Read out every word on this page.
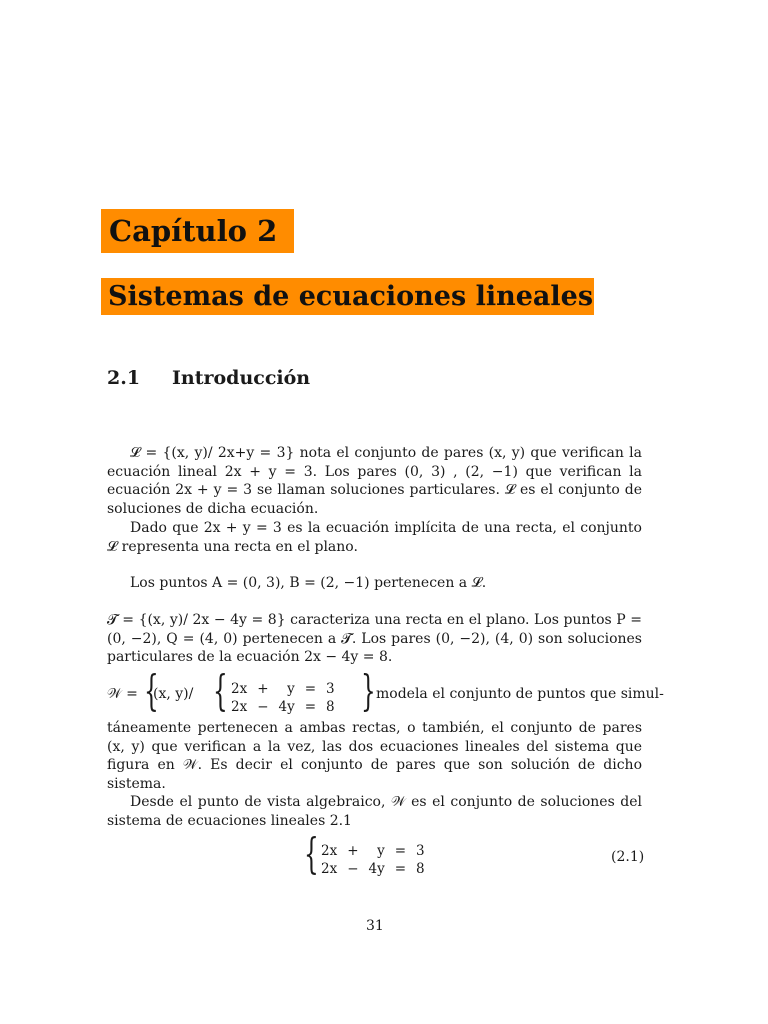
Capítulo 2
Sistemas de ecuaciones lineales
2.1 Introducción
𝓛 = {(x, y)/ 2x+y = 3} nota el conjunto de pares (x, y) que verifican la ecuación lineal 2x + y = 3. Los pares (0, 3) , (2, −1) que verifican la ecuación 2x + y = 3 se llaman soluciones particulares. 𝓛 es el conjunto de soluciones de dicha ecuación.
Dado que 2x + y = 3 es la ecuación implícita de una recta, el conjunto 𝓛 representa una recta en el plano.
Los puntos A = (0, 3), B = (2, −1) pertenecen a 𝓛.
𝓣 = {(x, y)/ 2x − 4y = 8} caracteriza una recta en el plano. Los puntos P = (0, −2), Q = (4, 0) pertenecen a 𝓣. Los pares (0, −2), (4, 0) son soluciones particulares de la ecuación 2x − 4y = 8.
𝒲 = {
(x, y)/ { 2x	+	y	=	3
2x	−	4y	=	8 } modela el conjunto de puntos que simul-
táneamente pertenecen a ambas rectas, o también, el conjunto de pares (x, y) que verifican a la vez, las dos ecuaciones lineales del sistema que figura en 𝒲. Es decir el conjunto de pares que son solución de dicho sistema.
Desde el punto de vista algebraico, 𝒲 es el conjunto de soluciones del sistema de ecuaciones lineales 2.1
{ 2x	+	y	=	3
2x	−	4y	=	8
(2.1)
31
